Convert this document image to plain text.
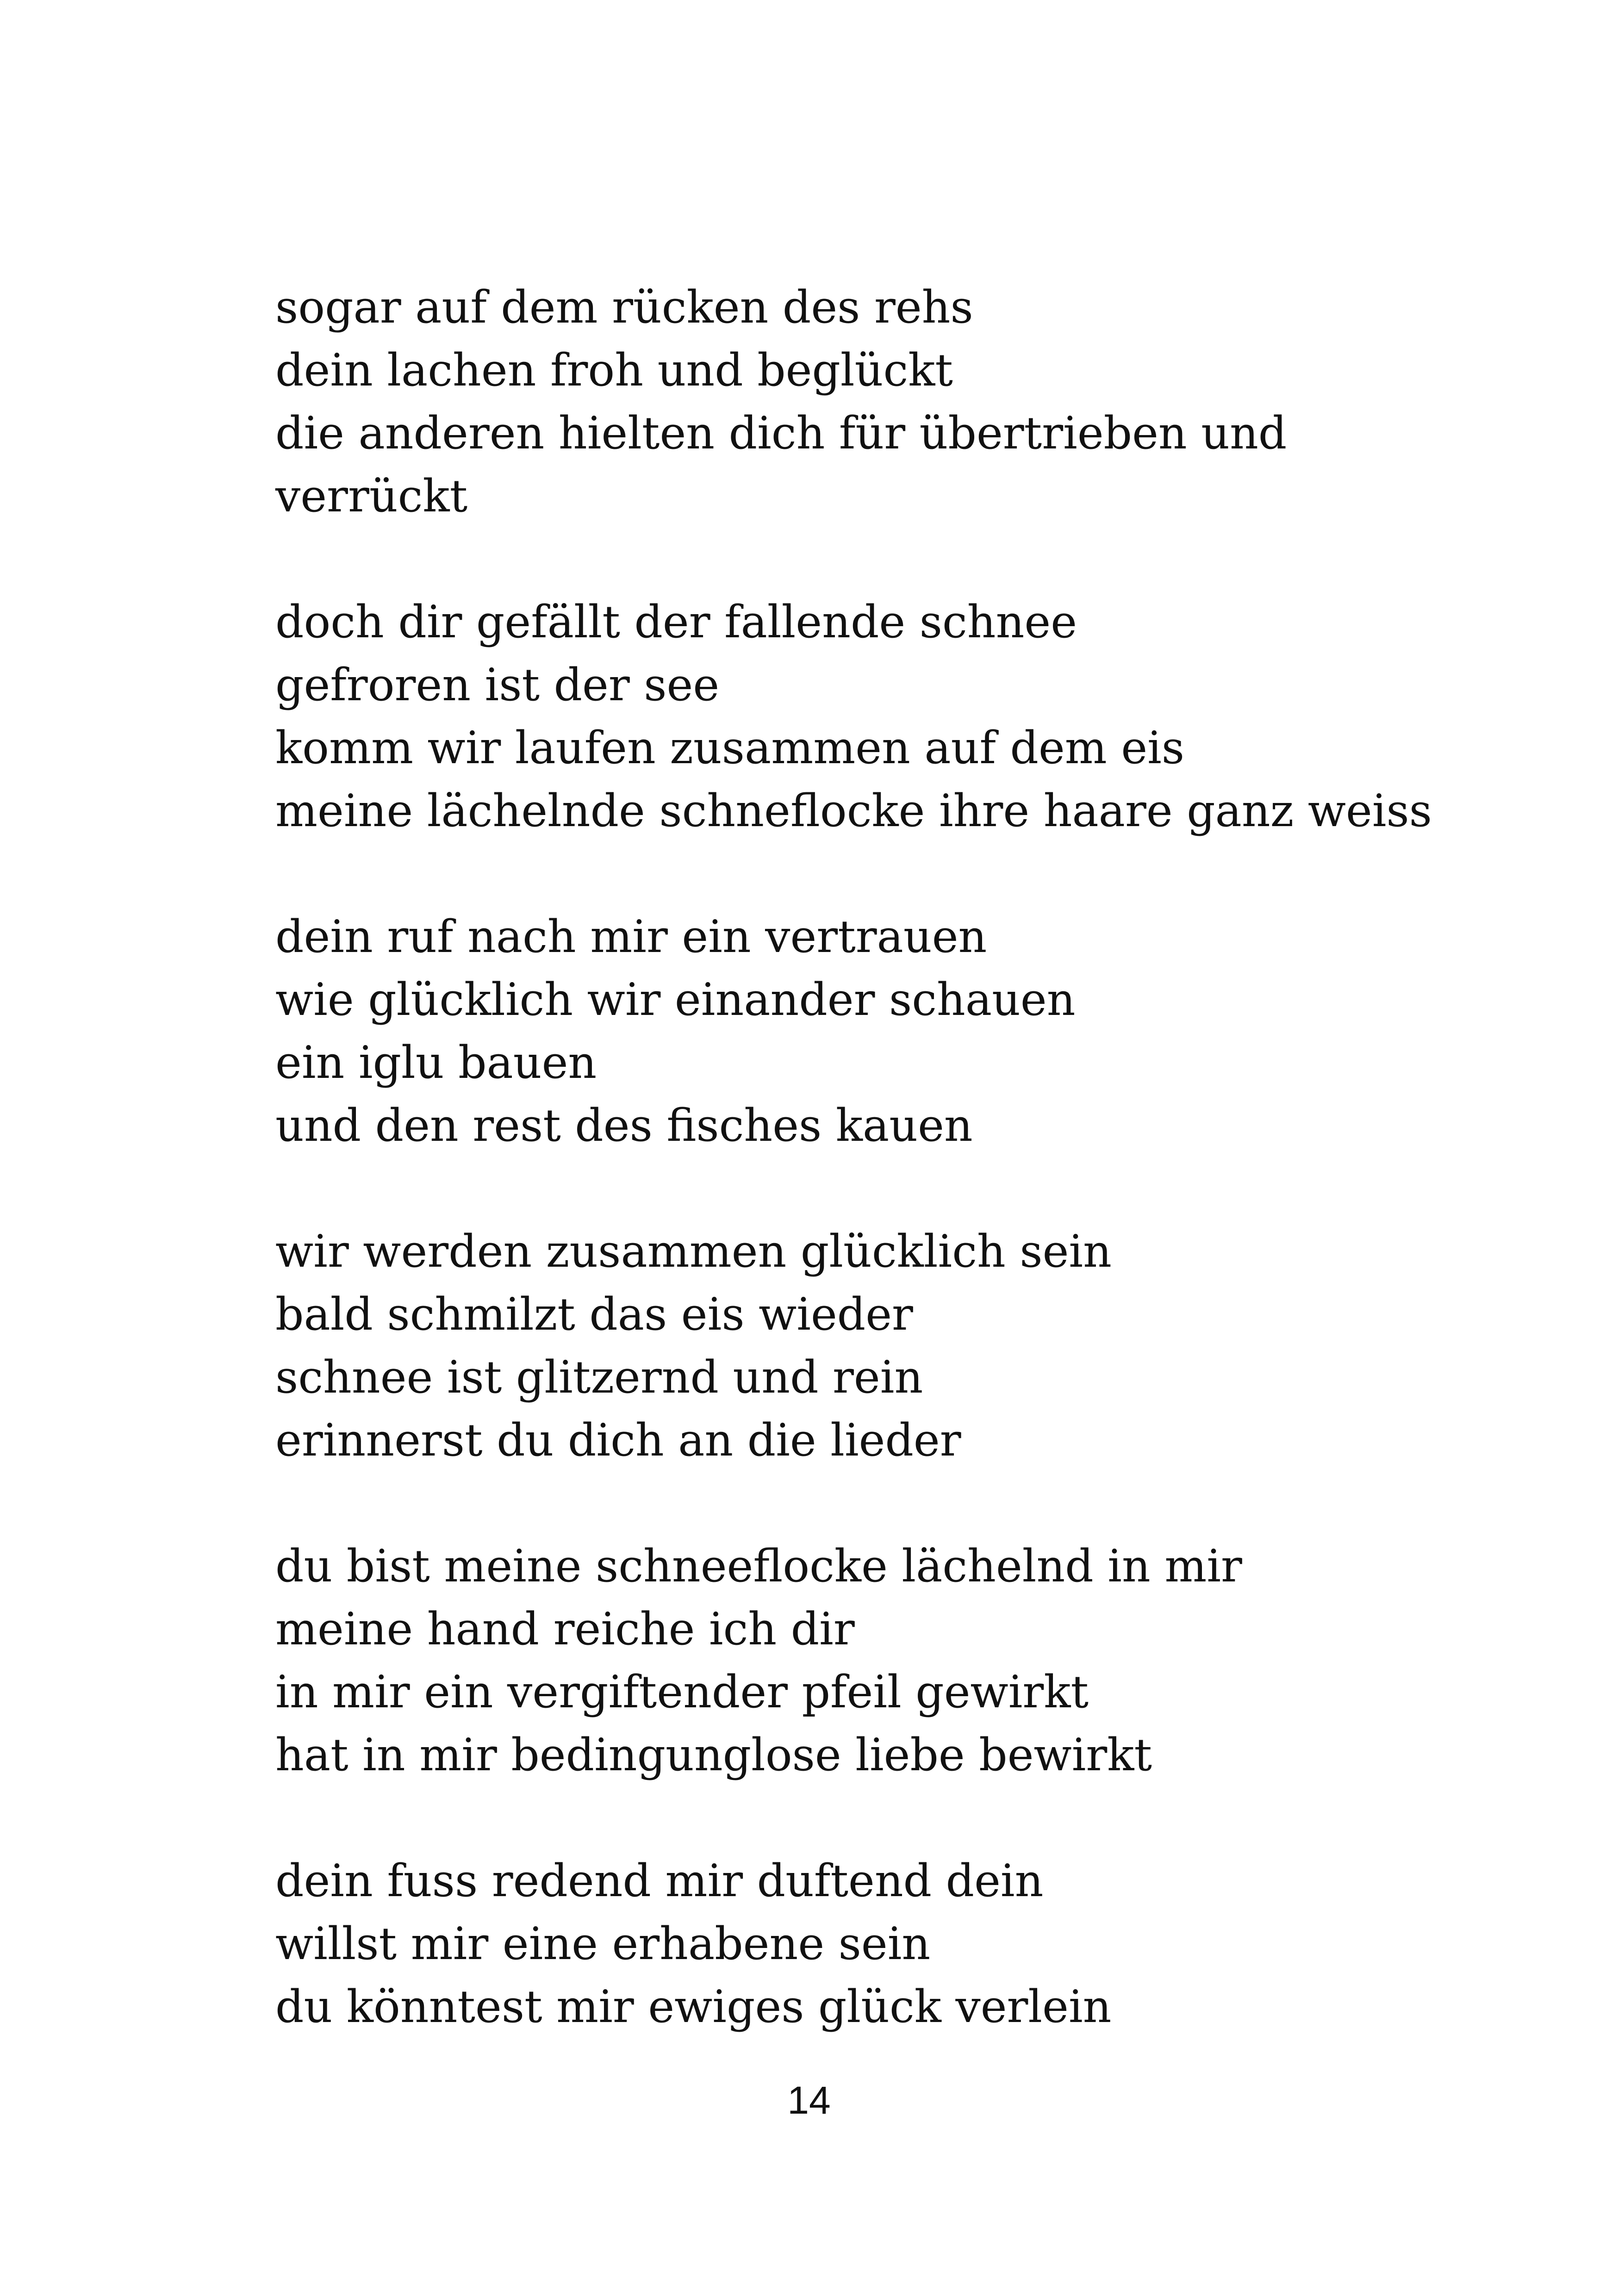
sogar auf dem rücken des rehs
dein lachen froh und beglückt
die anderen hielten dich für übertrieben und
verrückt
doch dir gefällt der fallende schnee
gefroren ist der see
komm wir laufen zusammen auf dem eis
meine lächelnde schneflocke ihre haare ganz weiss
dein ruf nach mir ein vertrauen
wie glücklich wir einander schauen
ein iglu bauen
und den rest des fisches kauen
wir werden zusammen glücklich sein
bald schmilzt das eis wieder
schnee ist glitzernd und rein
erinnerst du dich an die lieder
du bist meine schneeflocke lächelnd in mir
meine hand reiche ich dir
in mir ein vergiftender pfeil gewirkt
hat in mir bedingunglose liebe bewirkt
dein fuss redend mir duftend dein
willst mir eine erhabene sein
du könntest mir ewiges glück verlein
14
